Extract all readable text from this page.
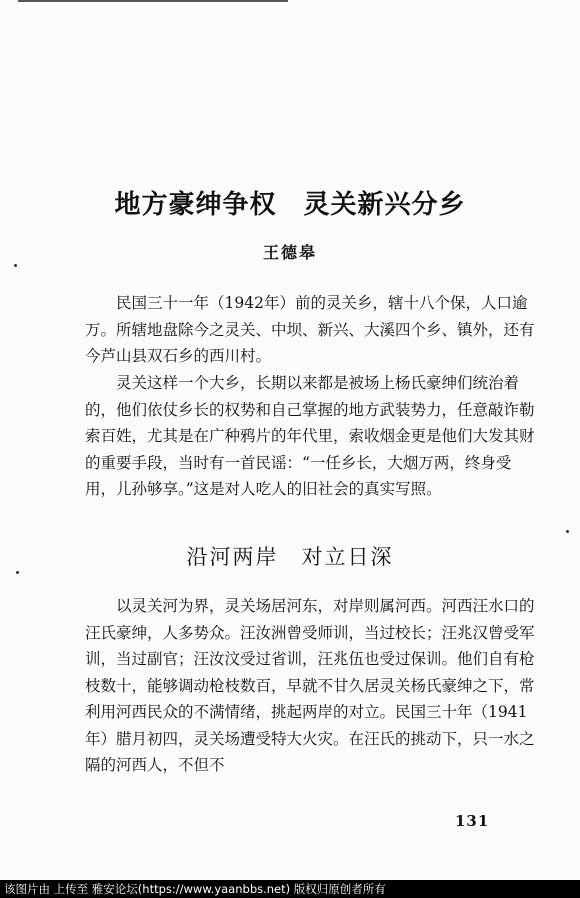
地方豪绅争权　灵关新兴分乡
王德皋

民国三十一年（1942年）前的灵关乡，辖十八个保，人口逾万。所辖地盘除今之灵关、中坝、新兴、大溪四个乡、镇外，还有今芦山县双石乡的西川村。

灵关这样一个大乡，长期以来都是被场上杨氏豪绅们统治着的，他们依仗乡长的权势和自己掌握的地方武装势力，任意敲诈勒索百姓，尤其是在广种鸦片的年代里，索收烟金更是他们大发其财的重要手段，当时有一首民谣：“一任乡长，大烟万两，终身受用，儿孙够享。”这是对人吃人的旧社会的真实写照。

沿河两岸　对立日深

以灵关河为界，灵关场居河东，对岸则属河西。河西汪水口的汪氏豪绅，人多势众。汪汝洲曾受师训，当过校长；汪兆汉曾受军训，当过副官；汪汝汶受过省训，汪兆伍也受过保训。他们自有枪枝数十，能够调动枪枝数百，早就不甘久居灵关杨氏豪绅之下，常利用河西民众的不满情绪，挑起两岸的对立。民国三十年（1941年）腊月初四，灵关场遭受特大火灾。在汪氏的挑动下，只一水之隔的河西人，不但不

131
该图片由 上传至 雅安论坛(https://www.yaanbbs.net) 版权归原创者所有
